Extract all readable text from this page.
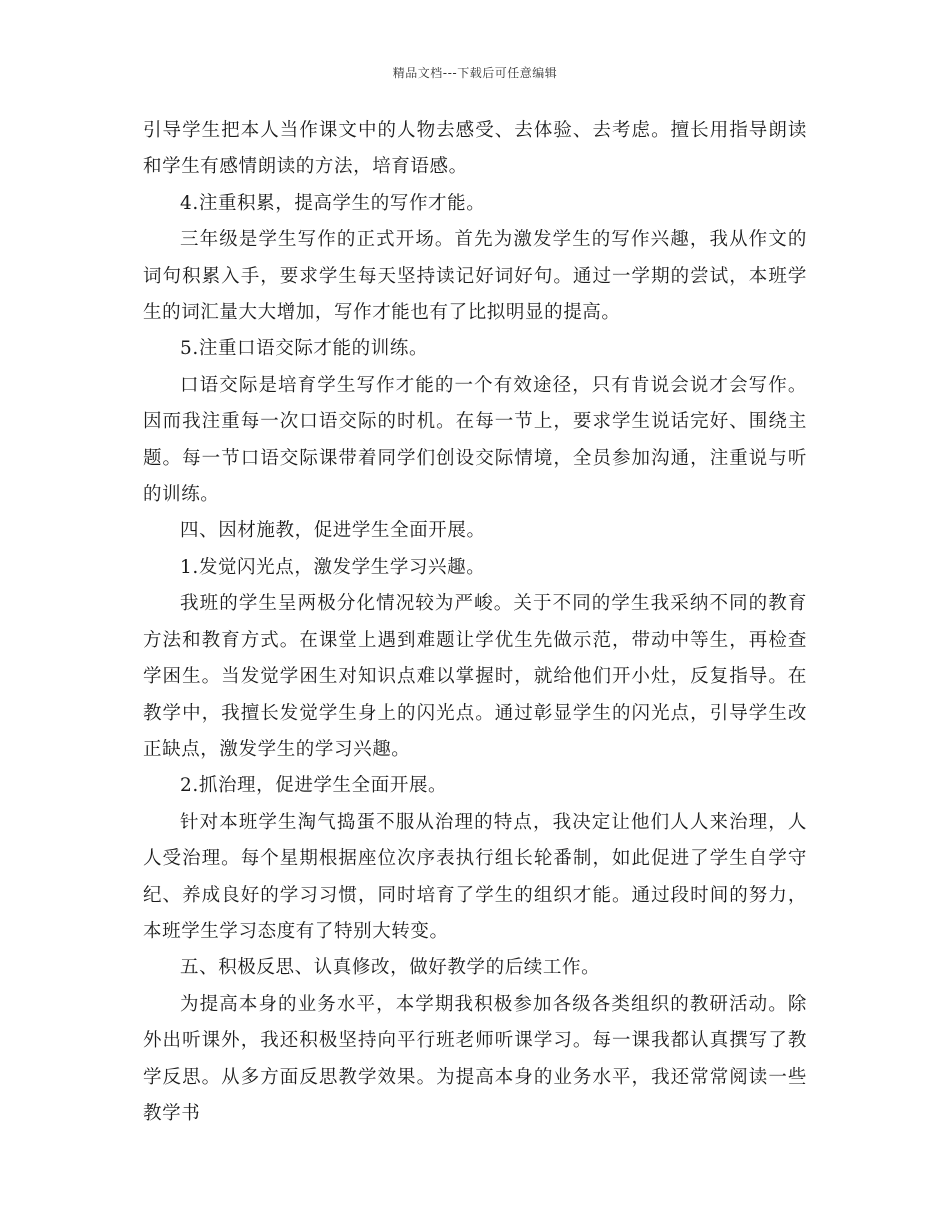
精品文档---下载后可任意编辑

引导学生把本人当作课文中的人物去感受、去体验、去考虑。擅长用指导朗读和学生有感情朗读的方法，培育语感。

4.注重积累，提高学生的写作才能。

三年级是学生写作的正式开场。首先为激发学生的写作兴趣，我从作文的词句积累入手，要求学生每天坚持读记好词好句。通过一学期的尝试，本班学生的词汇量大大增加，写作才能也有了比拟明显的提高。

5.注重口语交际才能的训练。

口语交际是培育学生写作才能的一个有效途径，只有肯说会说才会写作。因而我注重每一次口语交际的时机。在每一节上，要求学生说话完好、围绕主题。每一节口语交际课带着同学们创设交际情境，全员参加沟通，注重说与听的训练。

四、因材施教，促进学生全面开展。

1.发觉闪光点，激发学生学习兴趣。

我班的学生呈两极分化情况较为严峻。关于不同的学生我采纳不同的教育方法和教育方式。在课堂上遇到难题让学优生先做示范，带动中等生，再检查学困生。当发觉学困生对知识点难以掌握时，就给他们开小灶，反复指导。在教学中，我擅长发觉学生身上的闪光点。通过彰显学生的闪光点，引导学生改正缺点，激发学生的学习兴趣。

2.抓治理，促进学生全面开展。

针对本班学生淘气捣蛋不服从治理的特点，我决定让他们人人来治理，人人受治理。每个星期根据座位次序表执行组长轮番制，如此促进了学生自学守纪、养成良好的学习习惯，同时培育了学生的组织才能。通过段时间的努力，本班学生学习态度有了特别大转变。

五、积极反思、认真修改，做好教学的后续工作。

为提高本身的业务水平，本学期我积极参加各级各类组织的教研活动。除外出听课外，我还积极坚持向平行班老师听课学习。每一课我都认真撰写了教学反思。从多方面反思教学效果。为提高本身的业务水平，我还常常阅读一些教学书
